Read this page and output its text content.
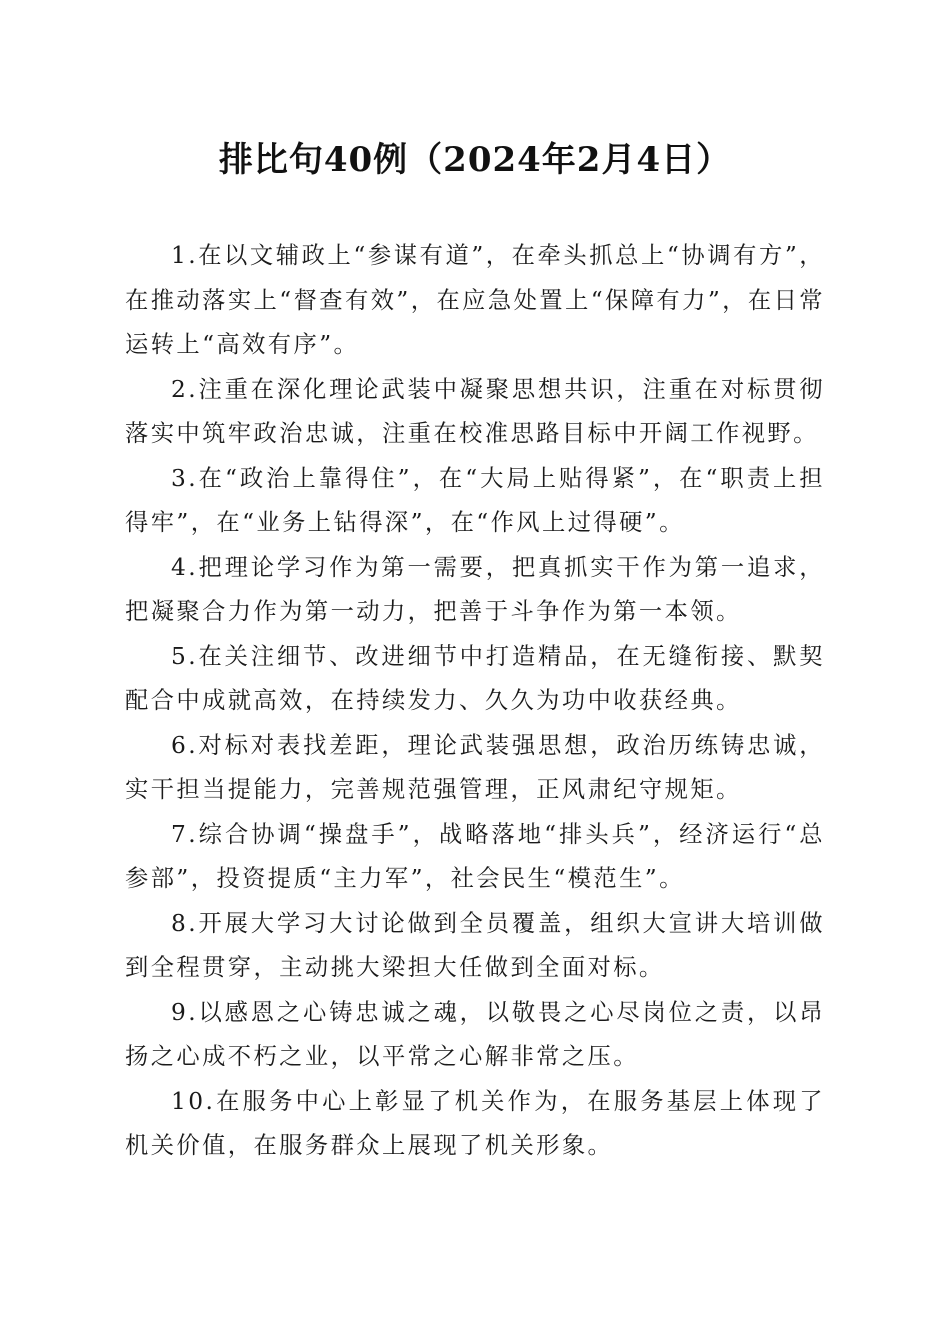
排比句40例（2024年2月4日）

1.在以文辅政上“参谋有道”，在牵头抓总上“协调有方”，在推动落实上“督查有效”，在应急处置上“保障有力”，在日常运转上“高效有序”。

2.注重在深化理论武装中凝聚思想共识，注重在对标贯彻落实中筑牢政治忠诚，注重在校准思路目标中开阔工作视野。

3.在“政治上靠得住”，在“大局上贴得紧”，在“职责上担得牢”，在“业务上钻得深”，在“作风上过得硬”。

4.把理论学习作为第一需要，把真抓实干作为第一追求，把凝聚合力作为第一动力，把善于斗争作为第一本领。

5.在关注细节、改进细节中打造精品，在无缝衔接、默契配合中成就高效，在持续发力、久久为功中收获经典。

6.对标对表找差距，理论武装强思想，政治历练铸忠诚，实干担当提能力，完善规范强管理，正风肃纪守规矩。

7.综合协调“操盘手”，战略落地“排头兵”，经济运行“总参部”，投资提质“主力军”，社会民生“模范生”。

8.开展大学习大讨论做到全员覆盖，组织大宣讲大培训做到全程贯穿，主动挑大梁担大任做到全面对标。

9.以感恩之心铸忠诚之魂，以敬畏之心尽岗位之责，以昂扬之心成不朽之业，以平常之心解非常之压。

10.在服务中心上彰显了机关作为，在服务基层上体现了机关价值，在服务群众上展现了机关形象。
